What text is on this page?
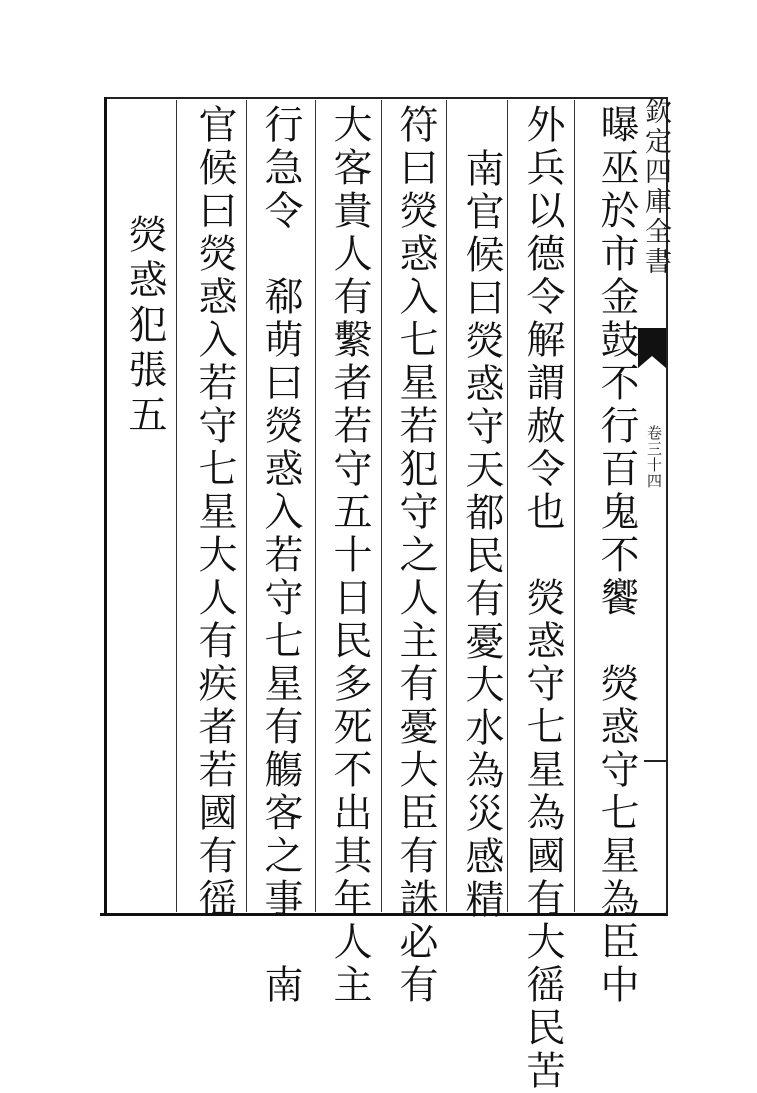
欽定四庫全書
卷三十四
曝巫於市金鼓不行百鬼不饗　熒惑守七星為臣中
外兵以德令解謂赦令也　熒惑守七星為國有大徭民苦
南官候曰熒惑守天都民有憂大水為災感精
符曰熒惑入七星若犯守之人主有憂大臣有誅必有
大客貴人有繫者若守五十日民多死不出其年人主
行急令　郗萌曰熒惑入若守七星有觴客之事　南
官候曰熒惑入若守七星大人有疾者若國有徭
熒惑犯張五
